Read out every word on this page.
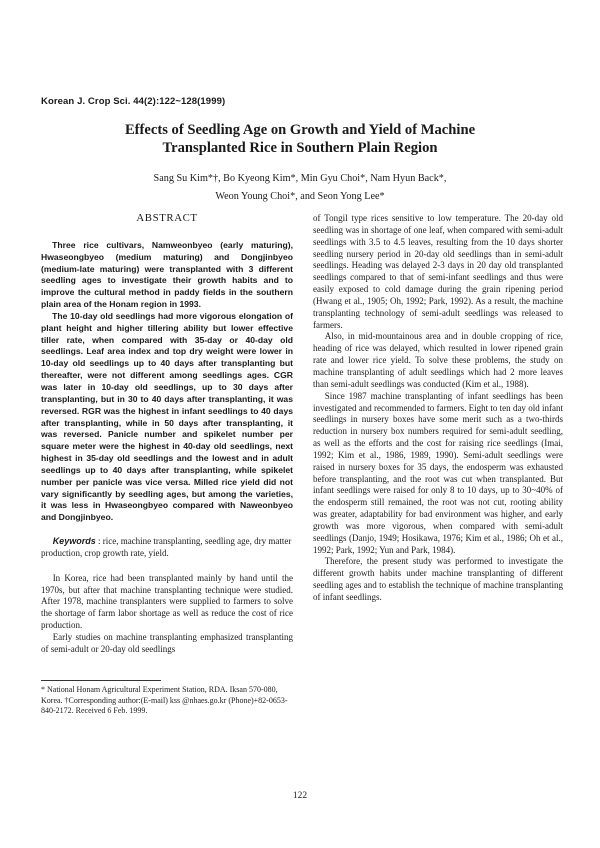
Korean J. Crop Sci. 44(2):122~128(1999)
Effects of Seedling Age on Growth and Yield of Machine
Transplanted Rice in Southern Plain Region
Sang Su Kim*†, Bo Kyeong Kim*, Min Gyu Choi*, Nam Hyun Back*,
Weon Young Choi*, and Seon Yong Lee*
ABSTRACT

Three rice cultivars, Namweonbyeo (early maturing), Hwaseongbyeo (medium maturing) and Dongjinbyeo (medium-late maturing) were transplanted with 3 different seedling ages to investigate their growth habits and to improve the cultural method in paddy fields in the southern plain area of the Honam region in 1993.

The 10-day old seedlings had more vigorous elongation of plant height and higher tillering ability but lower effective tiller rate, when compared with 35-day or 40-day old seedlings. Leaf area index and top dry weight were lower in 10-day old seedlings up to 40 days after transplanting but thereafter, were not different among seedlings ages. CGR was later in 10-day old seedlings, up to 30 days after transplanting, but in 30 to 40 days after transplanting, it was reversed. RGR was the highest in infant seedlings to 40 days after transplanting, while in 50 days after transplanting, it was reversed. Panicle number and spikelet number per square meter were the highest in 40-day old seedlings, next highest in 35-day old seedlings and the lowest and in adult seedlings up to 40 days after transplanting, while spikelet number per panicle was vice versa. Milled rice yield did not vary significantly by seedling ages, but among the varieties, it was less in Hwaseongbyeo compared with Naweonbyeo and Dongjinbyeo.

Keywords : rice, machine transplanting, seedling age, dry matter production, crop growth rate, yield.

In Korea, rice had been transplanted mainly by hand until the 1970s, but after that machine transplanting technique were studied. After 1978, machine transplanters were supplied to farmers to solve the shortage of farm labor shortage as well as reduce the cost of rice production.

Early studies on machine transplanting emphasized transplanting of semi-adult or 20-day old seedlings

* National Honam Agricultural Experiment Station, RDA. Iksan 570-080, Korea. †Corresponding author:(E-mail) kss @nhaes.go.kr (Phone)+82-0653-840-2172. Received 6 Feb. 1999.

of Tongil type rices sensitive to low temperature. The 20-day old seedling was in shortage of one leaf, when compared with semi-adult seedlings with 3.5 to 4.5 leaves, resulting from the 10 days shorter seedling nursery period in 20-day old seedlings than in semi-adult seedlings. Heading was delayed 2-3 days in 20 day old transplanted seedlings compared to that of semi-infant seedlings and thus were easily exposed to cold damage during the grain ripening period (Hwang et al., 1905; Oh, 1992; Park, 1992). As a result, the machine transplanting technology of semi-adult seedlings was released to farmers.

Also, in mid-mountainous area and in double cropping of rice, heading of rice was delayed, which resulted in lower ripened grain rate and lower rice yield. To solve these problems, the study on machine transplanting of adult seedlings which had 2 more leaves than semi-adult seedlings was conducted (Kim et al., 1988).

Since 1987 machine transplanting of infant seedlings has been investigated and recommended to farmers. Eight to ten day old infant seedlings in nursery boxes have some merit such as a two-thirds reduction in nursery box numbers required for semi-adult seedling, as well as the efforts and the cost for raising rice seedlings (Imai, 1992; Kim et al., 1986, 1989, 1990). Semi-adult seedlings were raised in nursery boxes for 35 days, the endosperm was exhausted before transplanting, and the root was cut when transplanted. But infant seedlings were raised for only 8 to 10 days, up to 30~40% of the endosperm still remained, the root was not cut, rooting ability was greater, adaptability for bad environment was higher, and early growth was more vigorous, when compared with semi-adult seedlings (Danjo, 1949; Hosikawa, 1976; Kim et al., 1986; Oh et al., 1992; Park, 1992; Yun and Park, 1984).

Therefore, the present study was performed to investigate the different growth habits under machine transplanting of different seedling ages and to establish the technique of machine transplanting of infant seedlings.

122
